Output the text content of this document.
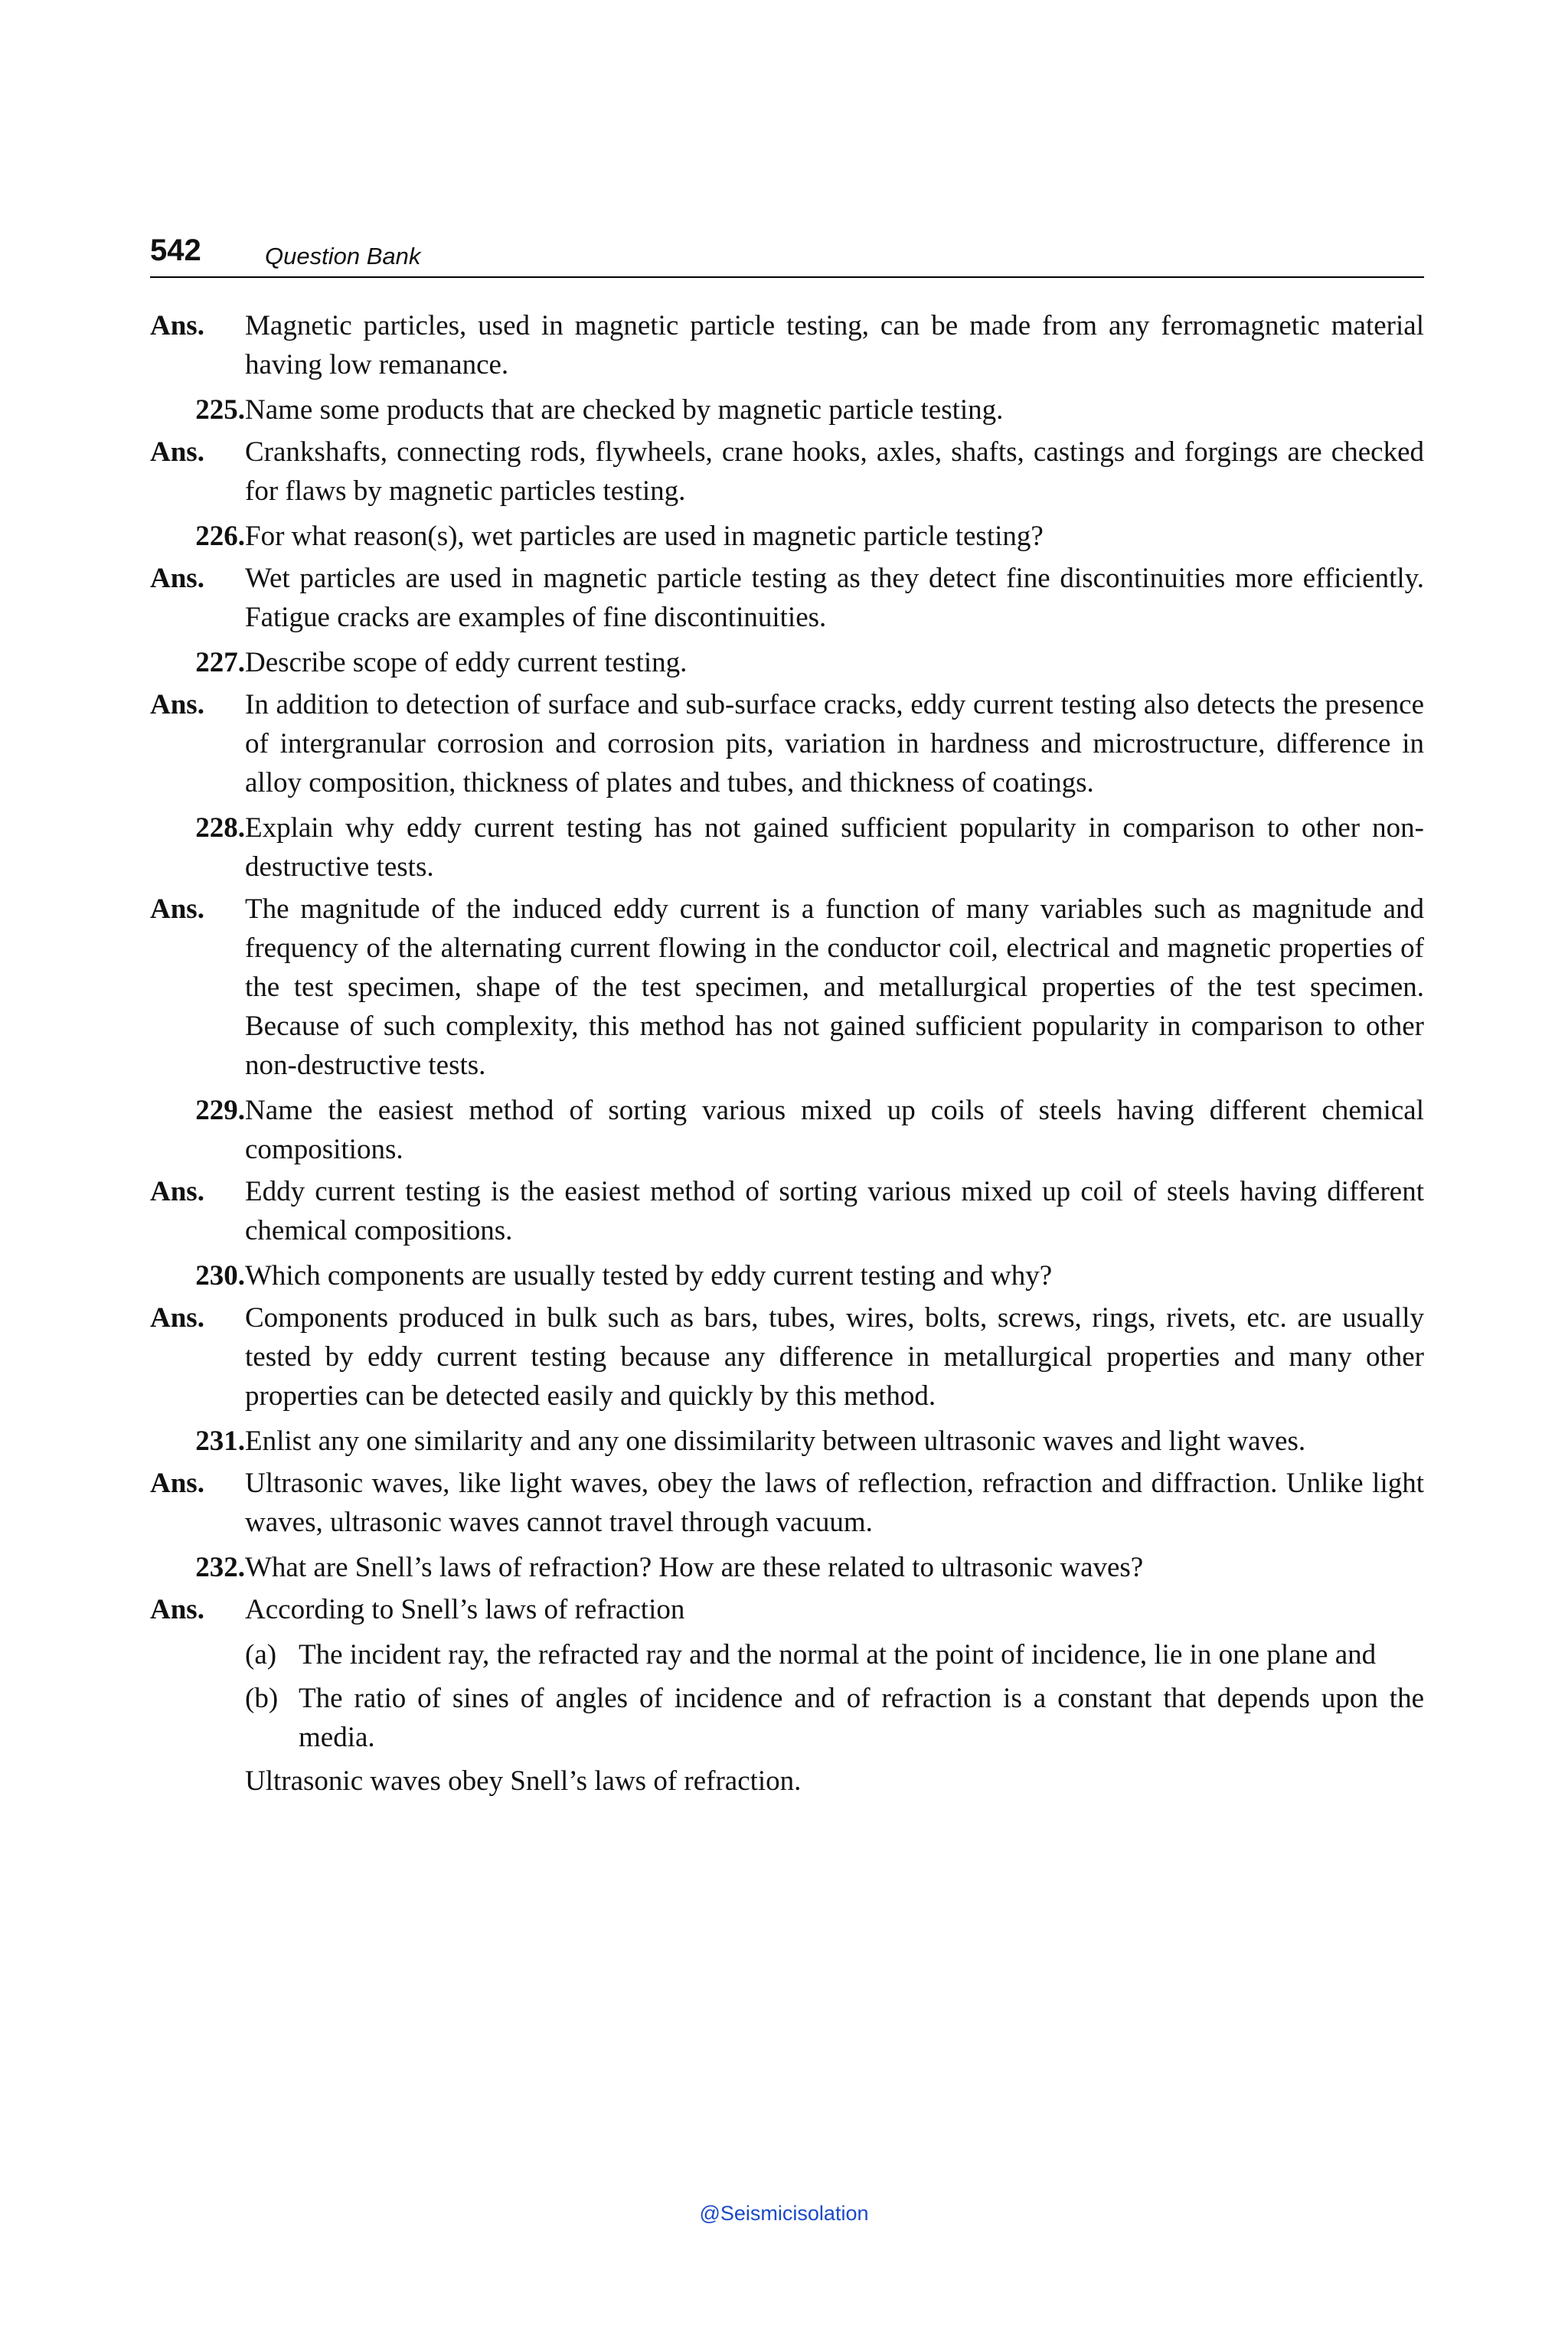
542	Question Bank
Ans.	Magnetic particles, used in magnetic particle testing, can be made from any ferromagnetic material having low remanance.
225. Name some products that are checked by magnetic particle testing.
Ans.	Crankshafts, connecting rods, flywheels, crane hooks, axles, shafts, castings and forgings are checked for flaws by magnetic particles testing.
226. For what reason(s), wet particles are used in magnetic particle testing?
Ans.	Wet particles are used in magnetic particle testing as they detect fine discontinuities more efficiently. Fatigue cracks are examples of fine discontinuities.
227. Describe scope of eddy current testing.
Ans.	In addition to detection of surface and sub-surface cracks, eddy current testing also detects the presence of intergranular corrosion and corrosion pits, variation in hardness and microstructure, difference in alloy composition, thickness of plates and tubes, and thickness of coatings.
228. Explain why eddy current testing has not gained sufficient popularity in comparison to other non-destructive tests.
Ans.	The magnitude of the induced eddy current is a function of many variables such as magnitude and frequency of the alternating current flowing in the conductor coil, electrical and magnetic properties of the test specimen, shape of the test specimen, and metallurgical properties of the test specimen. Because of such complexity, this method has not gained sufficient popularity in comparison to other non-destructive tests.
229. Name the easiest method of sorting various mixed up coils of steels having different chemical compositions.
Ans.	Eddy current testing is the easiest method of sorting various mixed up coil of steels having different chemical compositions.
230. Which components are usually tested by eddy current testing and why?
Ans.	Components produced in bulk such as bars, tubes, wires, bolts, screws, rings, rivets, etc. are usually tested by eddy current testing because any difference in metallurgical properties and many other properties can be detected easily and quickly by this method.
231. Enlist any one similarity and any one dissimilarity between ultrasonic waves and light waves.
Ans.	Ultrasonic waves, like light waves, obey the laws of reflection, refraction and diffraction. Unlike light waves, ultrasonic waves cannot travel through vacuum.
232. What are Snell’s laws of refraction? How are these related to ultrasonic waves?
Ans.	According to Snell’s laws of refraction
(a) The incident ray, the refracted ray and the normal at the point of incidence, lie in one plane and
(b) The ratio of sines of angles of incidence and of refraction is a constant that depends upon the media.
Ultrasonic waves obey Snell’s laws of refraction.
@Seismicisolation
